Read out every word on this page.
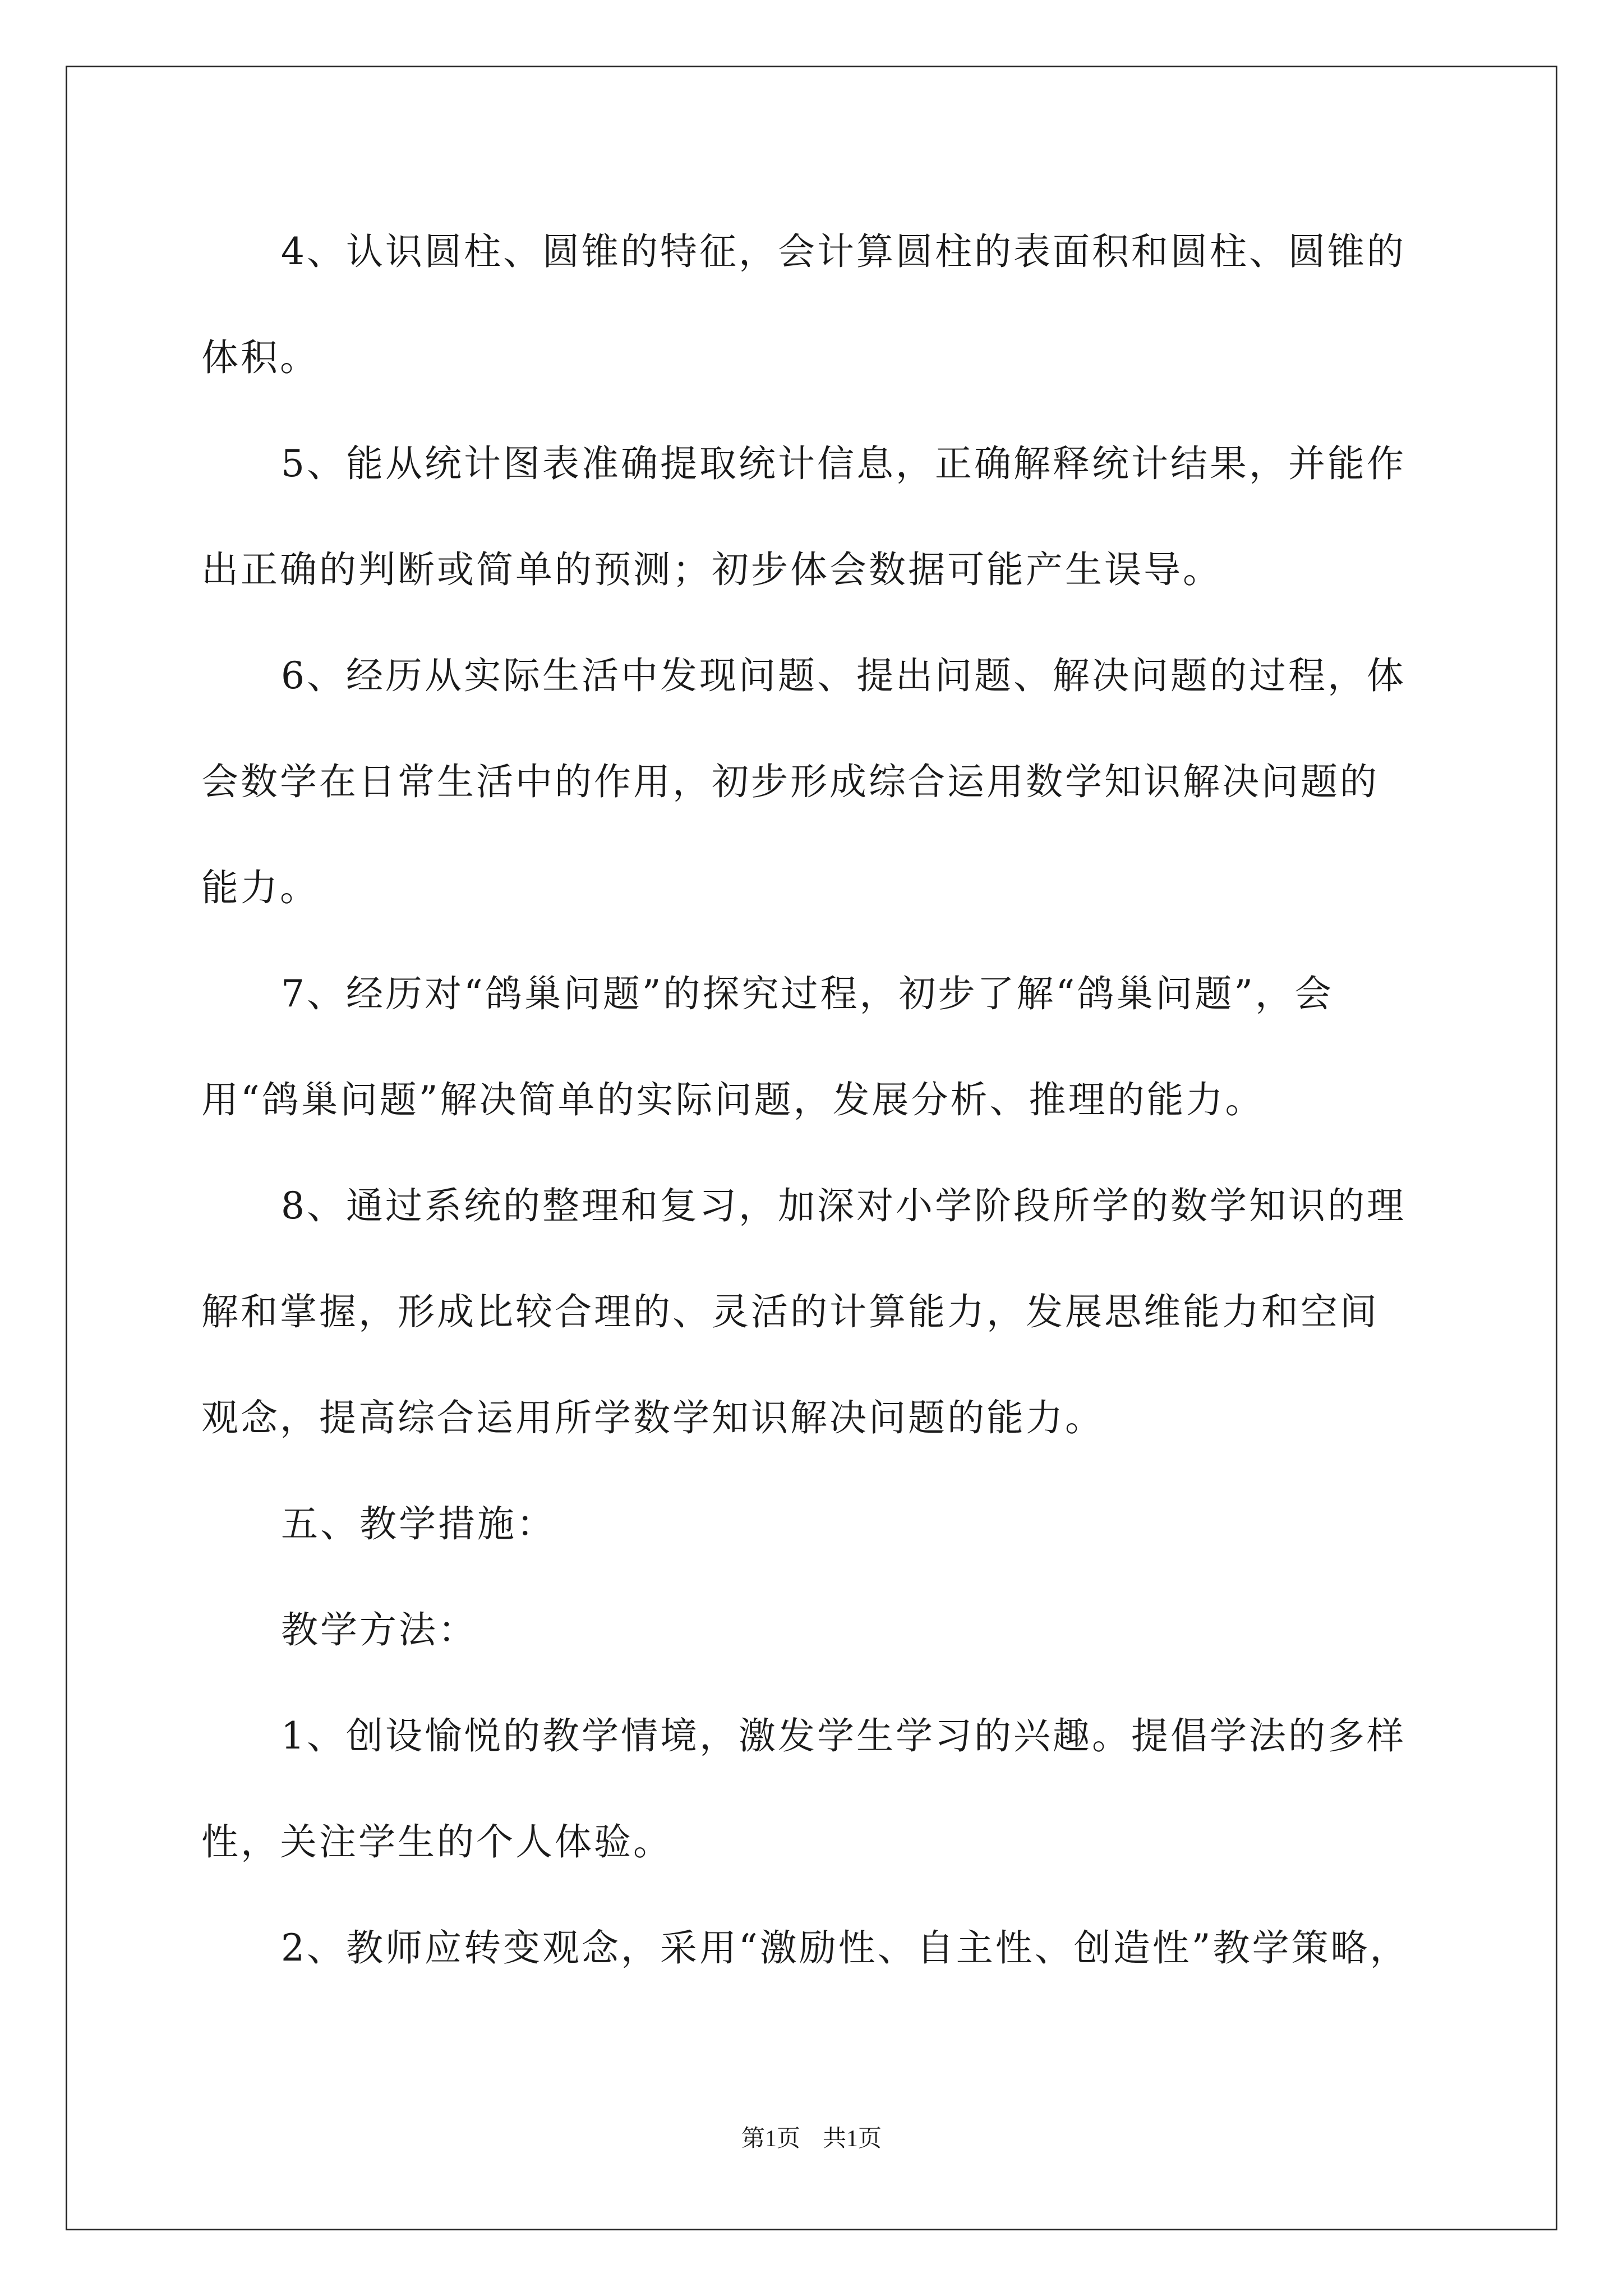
4、认识圆柱、圆锥的特征，会计算圆柱的表面积和圆柱、圆锥的
体积。
5、能从统计图表准确提取统计信息，正确解释统计结果，并能作
出正确的判断或简单的预测；初步体会数据可能产生误导。
6、经历从实际生活中发现问题、提出问题、解决问题的过程，体
会数学在日常生活中的作用，初步形成综合运用数学知识解决问题的
能力。
7、经历对“鸽巢问题”的探究过程，初步了解“鸽巢问题”，会
用“鸽巢问题”解决简单的实际问题，发展分析、推理的能力。
8、通过系统的整理和复习，加深对小学阶段所学的数学知识的理
解和掌握，形成比较合理的、灵活的计算能力，发展思维能力和空间
观念，提高综合运用所学数学知识解决问题的能力。
五、教学措施：
教学方法：
1、创设愉悦的教学情境，激发学生学习的兴趣。提倡学法的多样
性，关注学生的个人体验。
2、教师应转变观念，采用“激励性、自主性、创造性”教学策略，
第1页 共1页
